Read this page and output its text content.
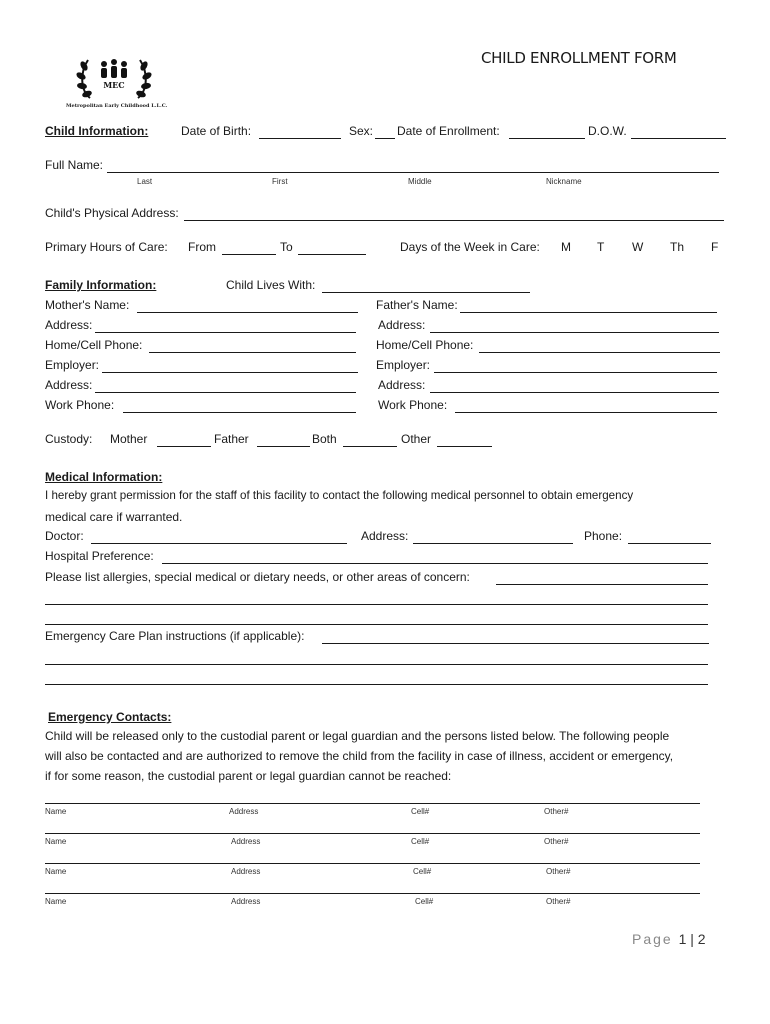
MEC
Metropolitan Early Childhood L.L.C.
CHILD ENROLLMENT FORM
Child Information:	Date of Birth:	Sex: Date of Enrollment:	D.O.W.
Full Name:
Last	First	Middle	Nickname
Child's Physical Address:
Primary Hours of Care: From	To	Days of the Week in Care: M T W Th F
Family Information:	Child Lives With:
Mother's Name:	Father's Name:
Address:	Address:
Home/Cell Phone:	Home/Cell Phone:
Employer:	Employer:
Address:	Address:
Work Phone:	Work Phone:
Custody: Mother	Father	Both	Other
Medical Information:
I hereby grant permission for the staff of this facility to contact the following medical personnel to obtain emergency
medical care if warranted.
Doctor:	Address:	Phone:
Hospital Preference:
Please list allergies, special medical or dietary needs, or other areas of concern:
Emergency Care Plan instructions (if applicable):
Emergency Contacts:
Child will be released only to the custodial parent or legal guardian and the persons listed below. The following people
will also be contacted and are authorized to remove the child from the facility in case of illness, accident or emergency,
if for some reason, the custodial parent or legal guardian cannot be reached:
Name	Address	Cell#	Other#
Name	Address	Cell#	Other#
Name	Address	Cell#	Other#
Name	Address	Cell#	Other#
Page 1 | 2
